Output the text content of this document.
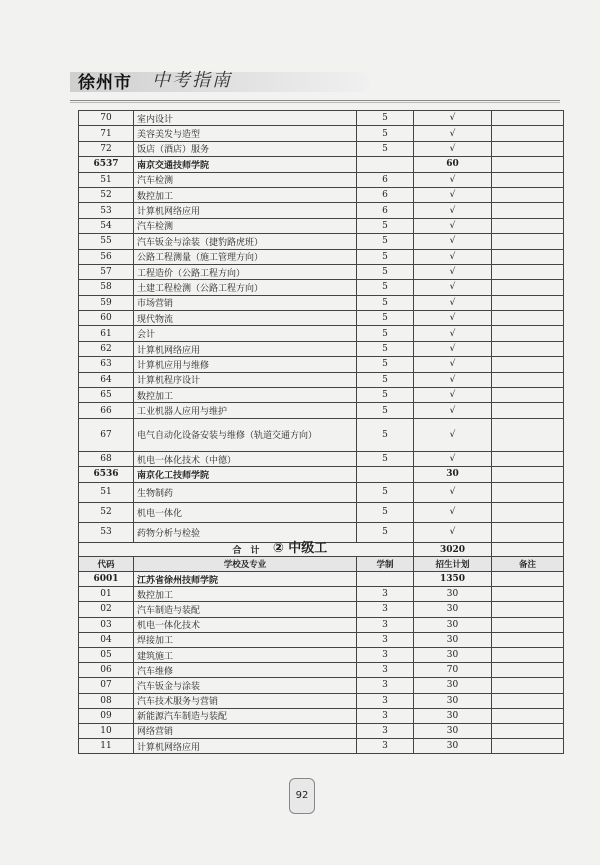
徐州市 中考指南
70	室内设计	5	√	
71	美容美发与造型	5	√	
72	饭店（酒店）服务	5	√	
6537	南京交通技师学院		60	
51	汽车检测	6	√	
52	数控加工	6	√	
53	计算机网络应用	6	√	
54	汽车检测	5	√	
55	汽车钣金与涂装（捷豹路虎班）	5	√	
56	公路工程测量（施工管理方向）	5	√	
57	工程造价（公路工程方向）	5	√	
58	土建工程检测（公路工程方向）	5	√	
59	市场营销	5	√	
60	现代物流	5	√	
61	会计	5	√	
62	计算机网络应用	5	√	
63	计算机应用与维修	5	√	
64	计算机程序设计	5	√	
65	数控加工	5	√	
66	工业机器人应用与维护	5	√	
67	电气自动化设备安装与维修（轨道交通方向）	5	√	
68	机电一体化技术（中德）	5	√	
6536	南京化工技师学院		30	
51	生物制药	5	√	
52	机电一体化	5	√	
53	药物分析与检验	5	√	
合　计			3020	
② 中级工
代码	学校及专业	学制	招生计划	备注
6001	江苏省徐州技师学院		1350	
01	数控加工	3	30	
02	汽车制造与装配	3	30	
03	机电一体化技术	3	30	
04	焊接加工	3	30	
05	建筑施工	3	30	
06	汽车维修	3	70	
07	汽车钣金与涂装	3	30	
08	汽车技术服务与营销	3	30	
09	新能源汽车制造与装配	3	30	
10	网络营销	3	30	
11	计算机网络应用	3	30	
92
